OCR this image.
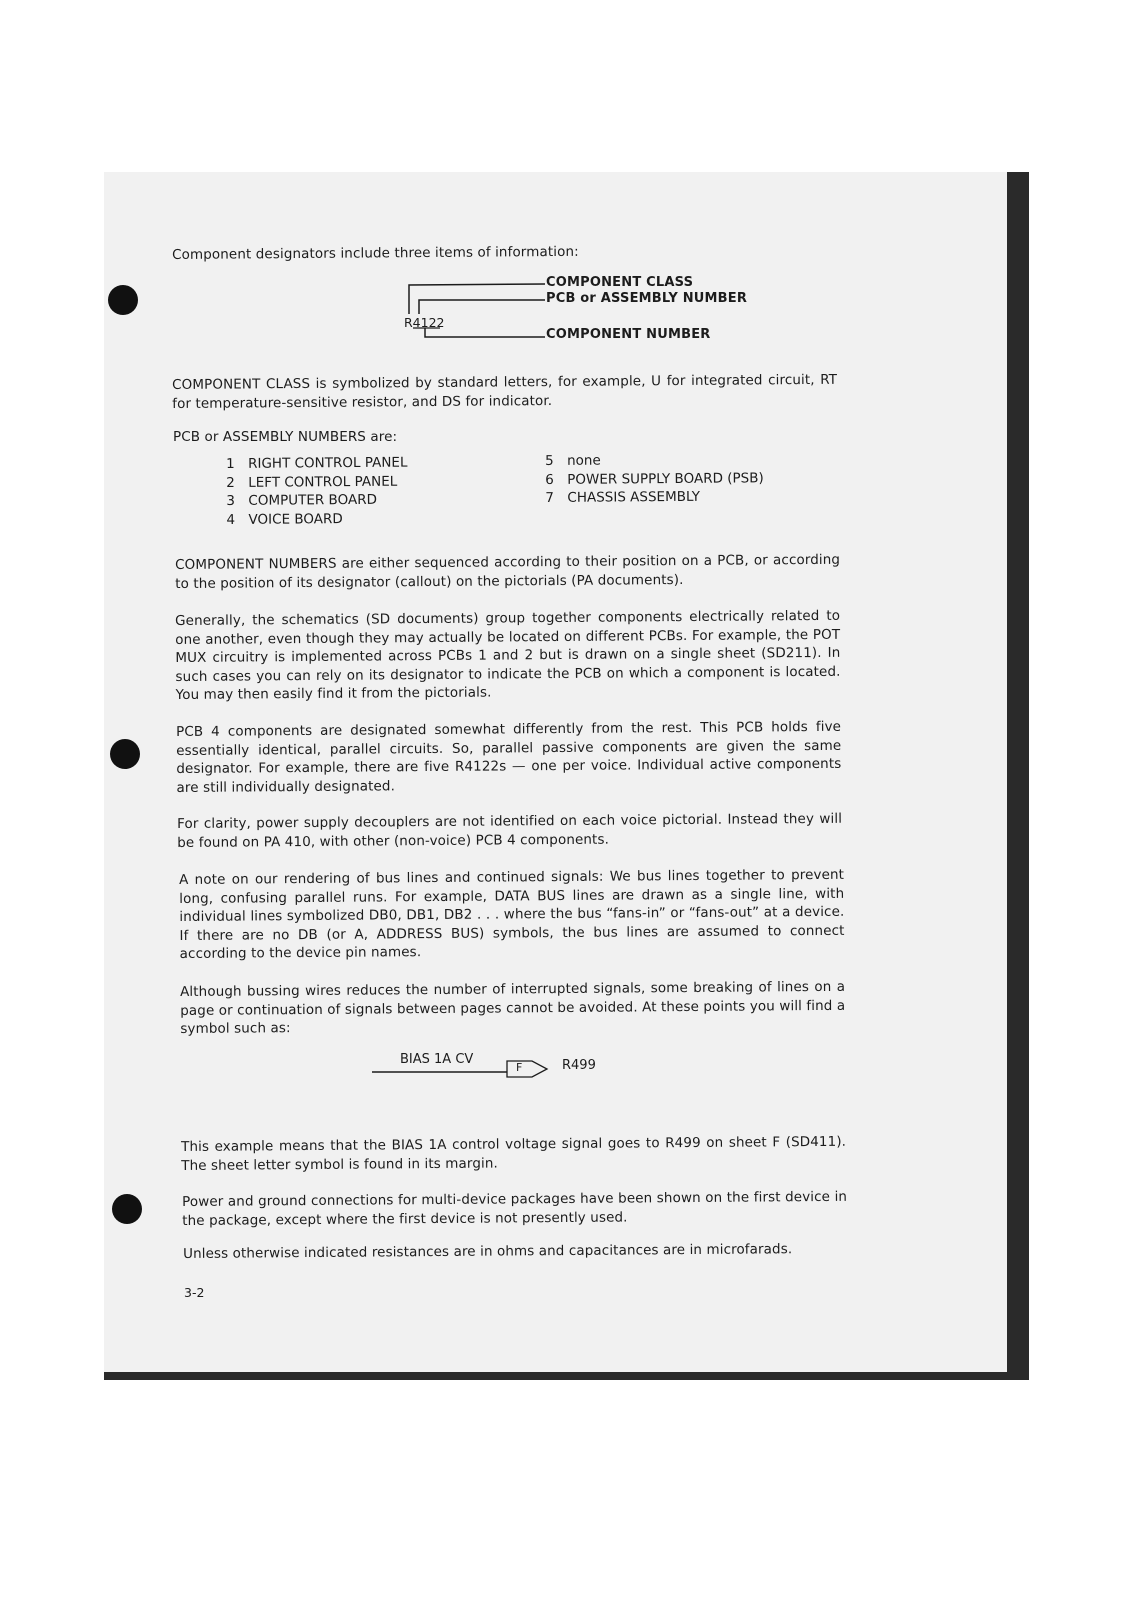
Component designators include three items of information:

R4122
COMPONENT CLASS
PCB or ASSEMBLY NUMBER
COMPONENT NUMBER

COMPONENT CLASS is symbolized by standard letters, for example, U for integrated circuit, RT for temperature-sensitive resistor, and DS for indicator.

PCB or ASSEMBLY NUMBERS are:

1 RIGHT CONTROL PANEL
2 LEFT CONTROL PANEL
3 COMPUTER BOARD
4 VOICE BOARD
5 none
6 POWER SUPPLY BOARD (PSB)
7 CHASSIS ASSEMBLY

COMPONENT NUMBERS are either sequenced according to their position on a PCB, or according to the position of its designator (callout) on the pictorials (PA documents).

Generally, the schematics (SD documents) group together components electrically related to one another, even though they may actually be located on different PCBs. For example, the POT MUX circuitry is implemented across PCBs 1 and 2 but is drawn on a single sheet (SD211). In such cases you can rely on its designator to indicate the PCB on which a component is located. You may then easily find it from the pictorials.

PCB 4 components are designated somewhat differently from the rest. This PCB holds five essentially identical, parallel circuits. So, parallel passive components are given the same designator. For example, there are five R4122s — one per voice. Individual active components are still individually designated.

For clarity, power supply decouplers are not identified on each voice pictorial. Instead they will be found on PA 410, with other (non-voice) PCB 4 components.

A note on our rendering of bus lines and continued signals: We bus lines together to prevent long, confusing parallel runs. For example, DATA BUS lines are drawn as a single line, with individual lines symbolized DB0, DB1, DB2 . . . where the bus “fans-in” or “fans-out” at a device. If there are no DB (or A, ADDRESS BUS) symbols, the bus lines are assumed to connect according to the device pin names.

Although bussing wires reduces the number of interrupted signals, some breaking of lines on a page or continuation of signals between pages cannot be avoided. At these points you will find a symbol such as:

BIAS 1A CV
F	R499

This example means that the BIAS 1A control voltage signal goes to R499 on sheet F (SD411). The sheet letter symbol is found in its margin.

Power and ground connections for multi-device packages have been shown on the first device in the package, except where the first device is not presently used.

Unless otherwise indicated resistances are in ohms and capacitances are in microfarads.

3-2
